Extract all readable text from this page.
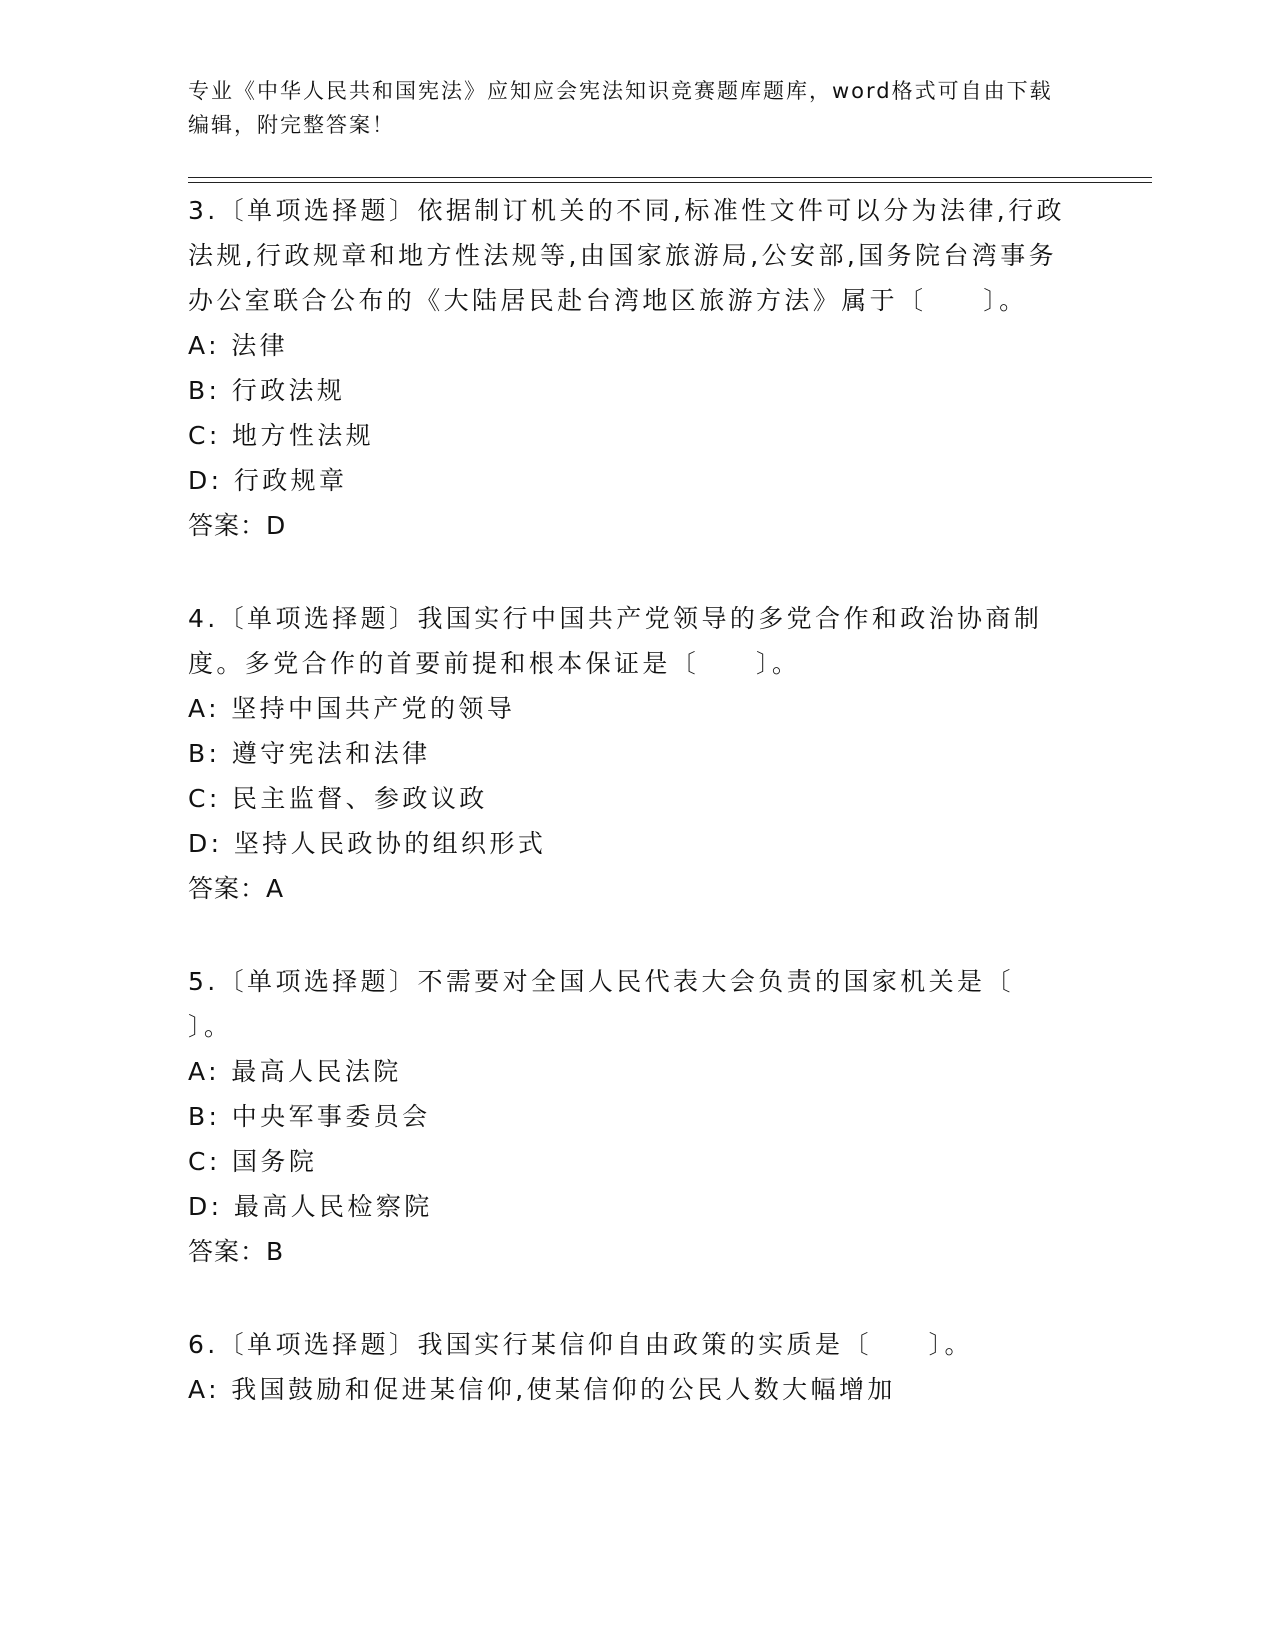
专业《中华人民共和国宪法》应知应会宪法知识竞赛题库题库，word格式可自由下载编辑，附完整答案！

3.〔单项选择题〕依据制订机关的不同,标准性文件可以分为法律,行政法规,行政规章和地方性法规等,由国家旅游局,公安部,国务院台湾事务办公室联合公布的《大陆居民赴台湾地区旅游方法》属于〔　　〕。

A: 法律

B: 行政法规

C: 地方性法规

D: 行政规章

答案：D

4.〔单项选择题〕我国实行中国共产党领导的多党合作和政治协商制度。多党合作的首要前提和根本保证是〔　　〕。

A: 坚持中国共产党的领导

B: 遵守宪法和法律

C: 民主监督、参政议政

D: 坚持人民政协的组织形式

答案：A

5.〔单项选择题〕不需要对全国人民代表大会负责的国家机关是〔　　〕。

A: 最高人民法院

B: 中央军事委员会

C: 国务院

D: 最高人民检察院

答案：B

6.〔单项选择题〕我国实行某信仰自由政策的实质是〔　　〕。

A: 我国鼓励和促进某信仰,使某信仰的公民人数大幅增加
